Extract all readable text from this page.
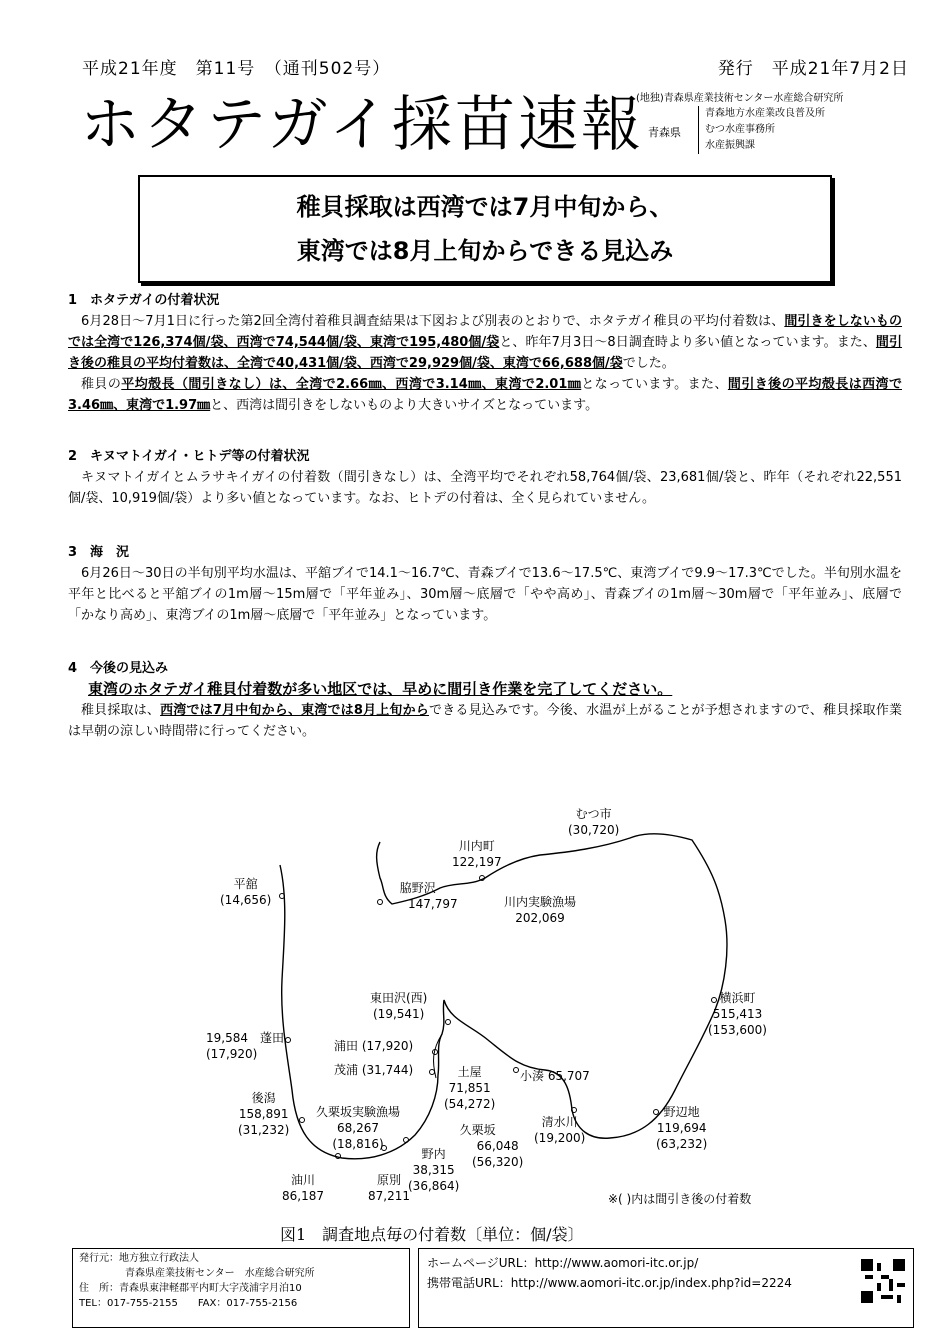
平成21年度　第11号　（通刊502号）	発行　平成21年7月2日
ホタテガイ採苗速報
(地独)青森県産業技術センター水産総合研究所
青森県
青森地方水産業改良普及所
むつ水産事務所
水産振興課
稚貝採取は西湾では7月中旬から、
東湾では8月上旬からできる見込み
1　ホタテガイの付着状況

6月28日～7月1日に行った第2回全湾付着稚貝調査結果は下図および別表のとおりで、ホタテガイ稚貝の平均付着数は、間引きをしないものでは全湾で126,374個/袋、西湾で74,544個/袋、東湾で195,480個/袋と、昨年7月3日～8日調査時より多い値となっています。また、間引き後の稚貝の平均付着数は、全湾で40,431個/袋、西湾で29,929個/袋、東湾で66,688個/袋でした。

稚貝の平均殻長（間引きなし）は、全湾で2.66㎜、西湾で3.14㎜、東湾で2.01㎜となっています。また、間引き後の平均殻長は西湾で3.46㎜、東湾で1.97㎜と、西湾は間引きをしないものより大きいサイズとなっています。

2　キヌマトイガイ・ヒトデ等の付着状況

キヌマトイガイとムラサキイガイの付着数（間引きなし）は、全湾平均でそれぞれ58,764個/袋、23,681個/袋と、昨年（それぞれ22,551個/袋、10,919個/袋）より多い値となっています。なお、ヒトデの付着は、全く見られていません。

3　海　況

6月26日～30日の半旬別平均水温は、平舘ブイで14.1～16.7℃、青森ブイで13.6～17.5℃、東湾ブイで9.9～17.3℃でした。半旬別水温を平年と比べると平舘ブイの1m層～15m層で「平年並み」、30m層～底層で「やや高め」、青森ブイの1m層～30m層で「平年並み」、底層で「かなり高め」、東湾ブイの1m層～底層で「平年並み」となっています。

4　今後の見込み
東湾のホタテガイ稚貝付着数が多い地区では、早めに間引き作業を完了してください。

稚貝採取は、西湾では7月中旬から、東湾では8月上旬からできる見込みです。今後、水温が上がることが予想されますので、稚貝採取作業は早朝の涼しい時間帯に行ってください。

むつ市
(30,720)
川内町
122,197
脇野沢
147,797	川内実験漁場
202,069
平舘
(14,656)
東田沢(西)
(19,541)
横浜町
515,413
(153,600)
19,584　 蓬田
(17,920)
浦田 (17,920)
茂浦 (31,744)	土屋
71,851
(54,272)
小湊 65,707
後潟
158,891
(31,232)
久栗坂実験漁場
68,267
(18,816)
久栗坂
66,048
(56,320)
清水川
(19,200)
野辺地
119,694
(63,232)
野内
38,315
(36,864)
油川
86,187
原別
87,211	※( )内は間引き後の付着数
図1　調査地点毎の付着数〔単位：個/袋〕
発行元：地方独立行政法人
青森県産業技術センター　水産総合研究所
住　所：青森県東津軽郡平内町大字茂浦字月泊10
TEL：017-755-2155　　FAX：017-755-2156
ホームページURL：http://www.aomori-itc.or.jp/
携帯電話URL：http://www.aomori-itc.or.jp/index.php?id=2224
